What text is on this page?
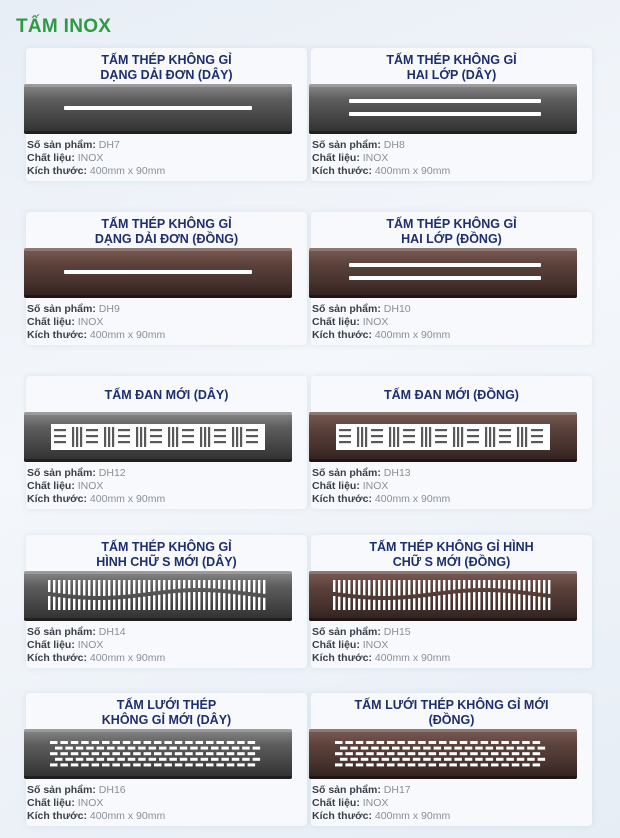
TẤM INOX
TẤM THÉP KHÔNG GỈ
DẠNG DẢI ĐƠN (DÂY)
Số sản phẩm: DH7
Chất liệu: INOX
Kích thước: 400mm x 90mm
TẤM THÉP KHÔNG GỈ
HAI LỚP (DÂY)
Số sản phẩm: DH8
Chất liệu: INOX
Kích thước: 400mm x 90mm
TẤM THÉP KHÔNG GỈ
DẠNG DẢI ĐƠN (ĐỒNG)
Số sản phẩm: DH9
Chất liệu: INOX
Kích thước: 400mm x 90mm
TẤM THÉP KHÔNG GỈ
HAI LỚP (ĐỒNG)
Số sản phẩm: DH10
Chất liệu: INOX
Kích thước: 400mm x 90mm
TẤM ĐAN MỚI (DÂY)
Số sản phẩm: DH12
Chất liệu: INOX
Kích thước: 400mm x 90mm
TẤM ĐAN MỚI (ĐỒNG)
Số sản phẩm: DH13
Chất liệu: INOX
Kích thước: 400mm x 90mm
TẤM THÉP KHÔNG GỈ
HÌNH CHỮ S MỚI (DÂY)
Số sản phẩm: DH14
Chất liệu: INOX
Kích thước: 400mm x 90mm
TẤM THÉP KHÔNG GỈ HÌNH
CHỮ S MỚI (ĐỒNG)
Số sản phẩm: DH15
Chất liệu: INOX
Kích thước: 400mm x 90mm
TẤM LƯỚI THÉP
KHÔNG GỈ MỚI (DÂY)
Số sản phẩm: DH16
Chất liệu: INOX
Kích thước: 400mm x 90mm
TẤM LƯỚI THÉP KHÔNG GỈ MỚI
(ĐỒNG)
Số sản phẩm: DH17
Chất liệu: INOX
Kích thước: 400mm x 90mm
